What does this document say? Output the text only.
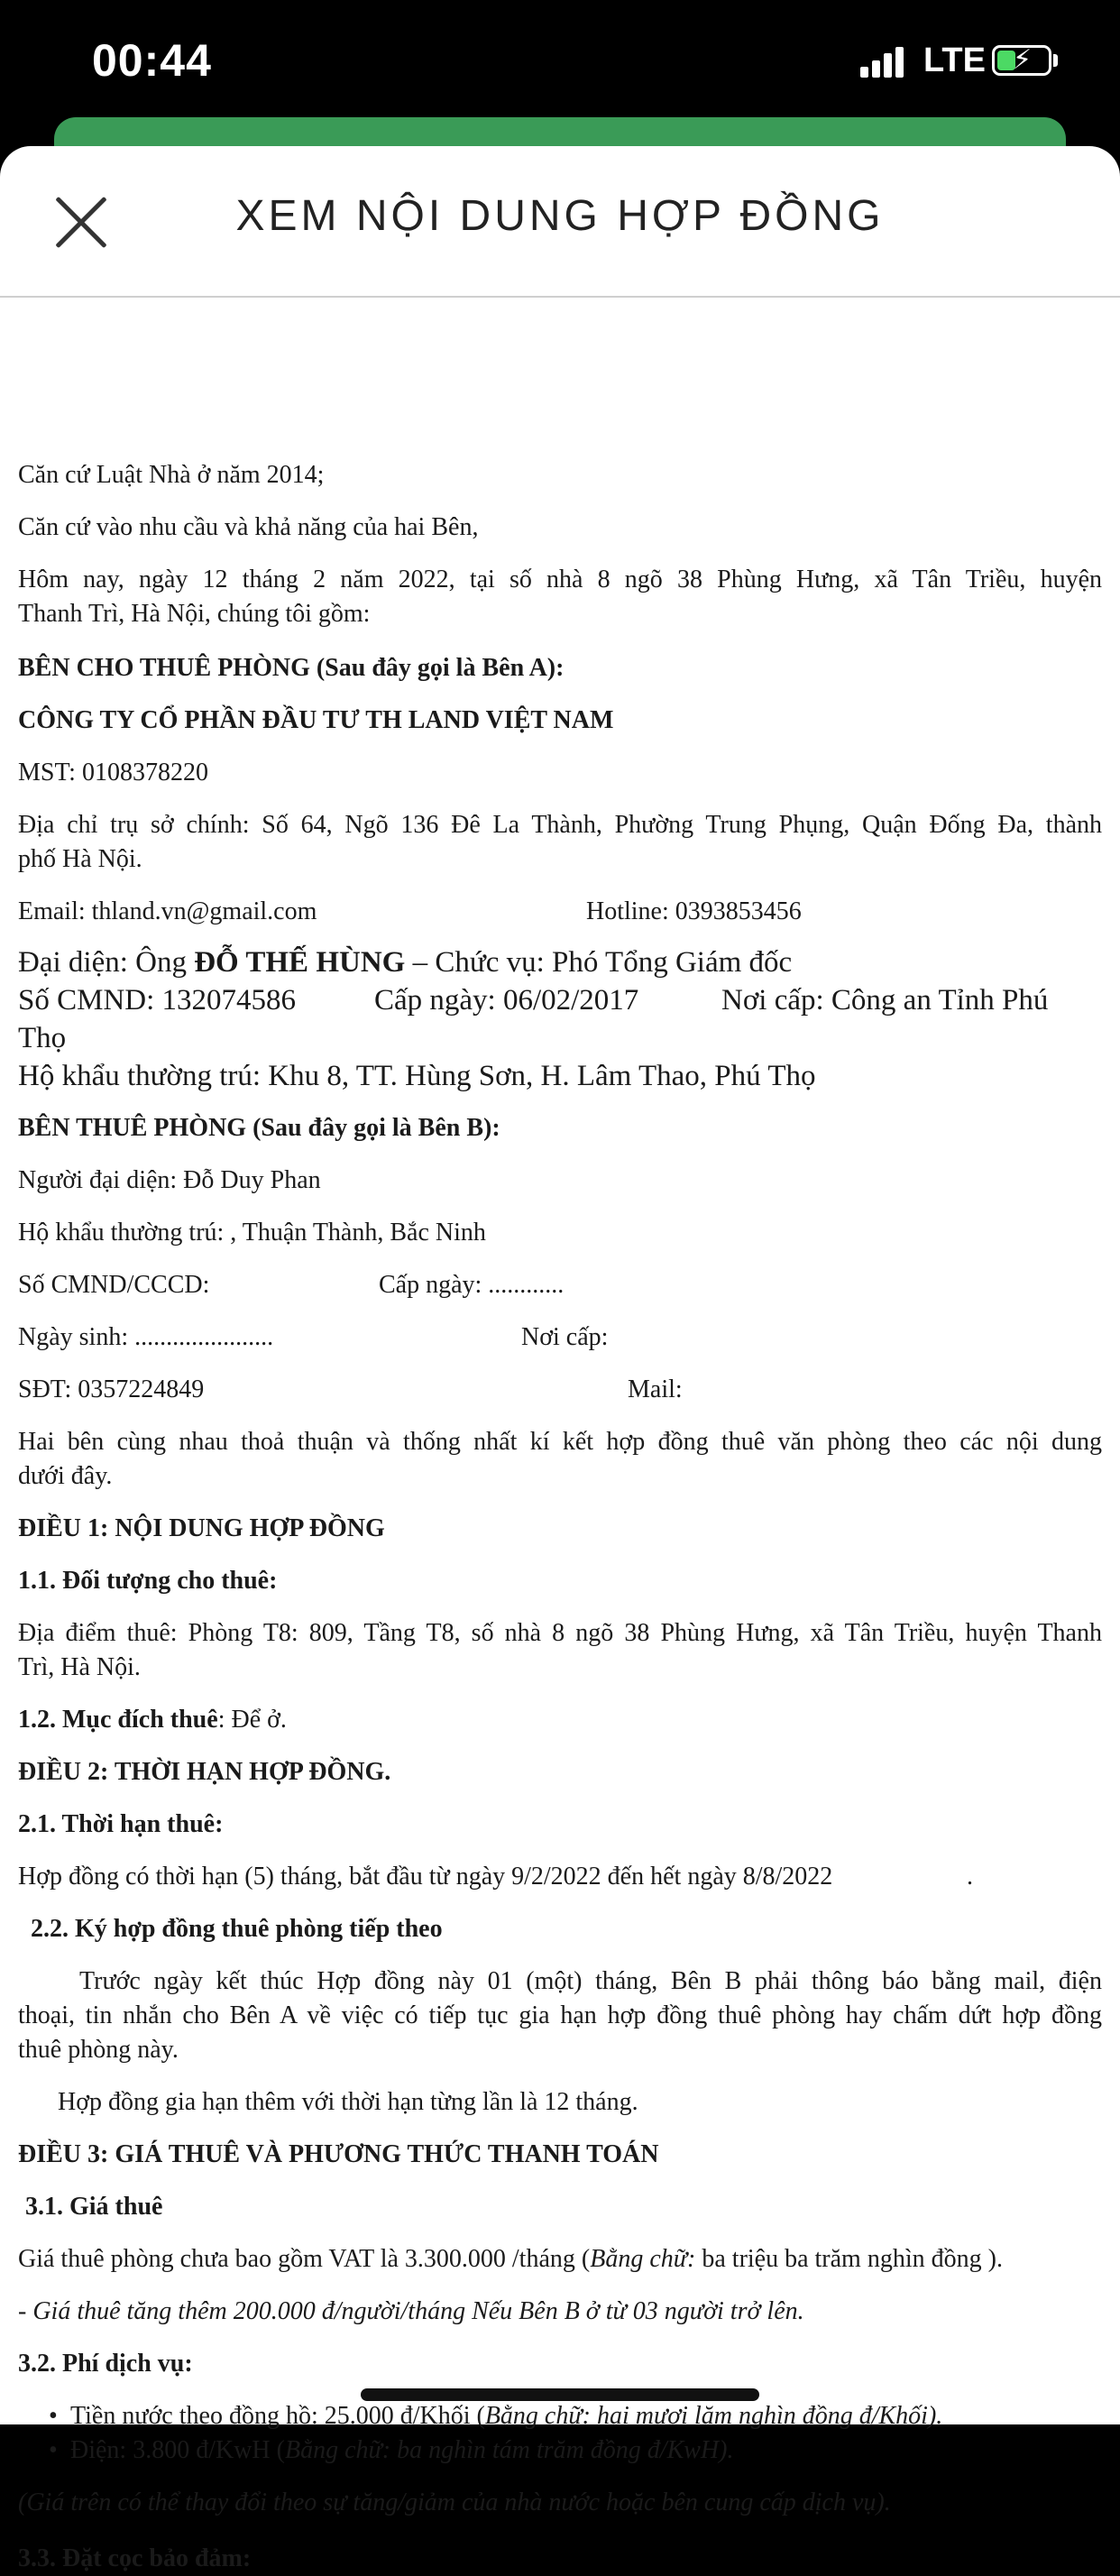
00:44	LTE ⚡
XEM NỘI DUNG HỢP ĐỒNG
Căn cứ Luật Nhà ở năm 2014;
Căn cứ vào nhu cầu và khả năng của hai Bên,
Hôm nay, ngày 12 tháng 2 năm 2022, tại số nhà 8 ngõ 38 Phùng Hưng, xã Tân Triều, huyện
Thanh Trì, Hà Nội, chúng tôi gồm:
BÊN CHO THUÊ PHÒNG (Sau đây gọi là Bên A):
CÔNG TY CỔ PHẦN ĐẦU TƯ TH LAND VIỆT NAM
MST: 0108378220
Địa chỉ trụ sở chính: Số 64, Ngõ 136 Đê La Thành, Phường Trung Phụng, Quận Đống Đa, thành
phố Hà Nội.
Email: thland.vn@gmail.com	Hotline: 0393853456
Đại diện: Ông ĐỖ THẾ HÙNG – Chức vụ: Phó Tổng Giám đốc
Số CMND: 132074586	Cấp ngày: 06/02/2017	Nơi cấp: Công an Tỉnh Phú
Thọ
Hộ khẩu thường trú: Khu 8, TT. Hùng Sơn, H. Lâm Thao, Phú Thọ
BÊN THUÊ PHÒNG (Sau đây gọi là Bên B):
Người đại diện: Đỗ Duy Phan
Hộ khẩu thường trú: , Thuận Thành, Bắc Ninh
Số CMND/CCCD:	Cấp ngày: ............
Ngày sinh: ......................	Nơi cấp:
SĐT: 0357224849	Mail:
Hai bên cùng nhau thoả thuận và thống nhất kí kết hợp đồng thuê văn phòng theo các nội dung
dưới đây.
ĐIỀU 1: NỘI DUNG HỢP ĐỒNG
1.1. Đối tượng cho thuê:
Địa điểm thuê: Phòng T8: 809, Tầng T8, số nhà 8 ngõ 38 Phùng Hưng, xã Tân Triều, huyện Thanh
Trì, Hà Nội.
1.2. Mục đích thuê: Để ở.
ĐIỀU 2: THỜI HẠN HỢP ĐỒNG.
2.1. Thời hạn thuê:
Hợp đồng có thời hạn (5) tháng, bắt đầu từ ngày 9/2/2022 đến hết ngày 8/8/2022	.
2.2. Ký hợp đồng thuê phòng tiếp theo
Trước ngày kết thúc Hợp đồng này 01 (một) tháng, Bên B phải thông báo bằng mail, điện
thoại, tin nhắn cho Bên A về việc có tiếp tục gia hạn hợp đồng thuê phòng hay chấm dứt hợp đồng
thuê phòng này.
Hợp đồng gia hạn thêm với thời hạn từng lần là 12 tháng.
ĐIỀU 3: GIÁ THUÊ VÀ PHƯƠNG THỨC THANH TOÁN
3.1. Giá thuê
Giá thuê phòng chưa bao gồm VAT là 3.300.000 /tháng (Bằng chữ: ba triệu ba trăm nghìn đồng ).
- Giá thuê tăng thêm 200.000 đ/người/tháng Nếu Bên B ở từ 03 người trở lên.
3.2. Phí dịch vụ:
• Tiền nước theo đồng hồ: 25.000 đ/Khối (Bằng chữ: hai mươi lăm nghìn đồng đ/Khối).
• Điện: 3.800 đ/KwH (Bằng chữ: ba nghìn tám trăm đồng đ/KwH).
(Giá trên có thể thay đổi theo sự tăng/giảm của nhà nước hoặc bên cung cấp dịch vụ).
3.3. Đặt cọc bảo đảm:
